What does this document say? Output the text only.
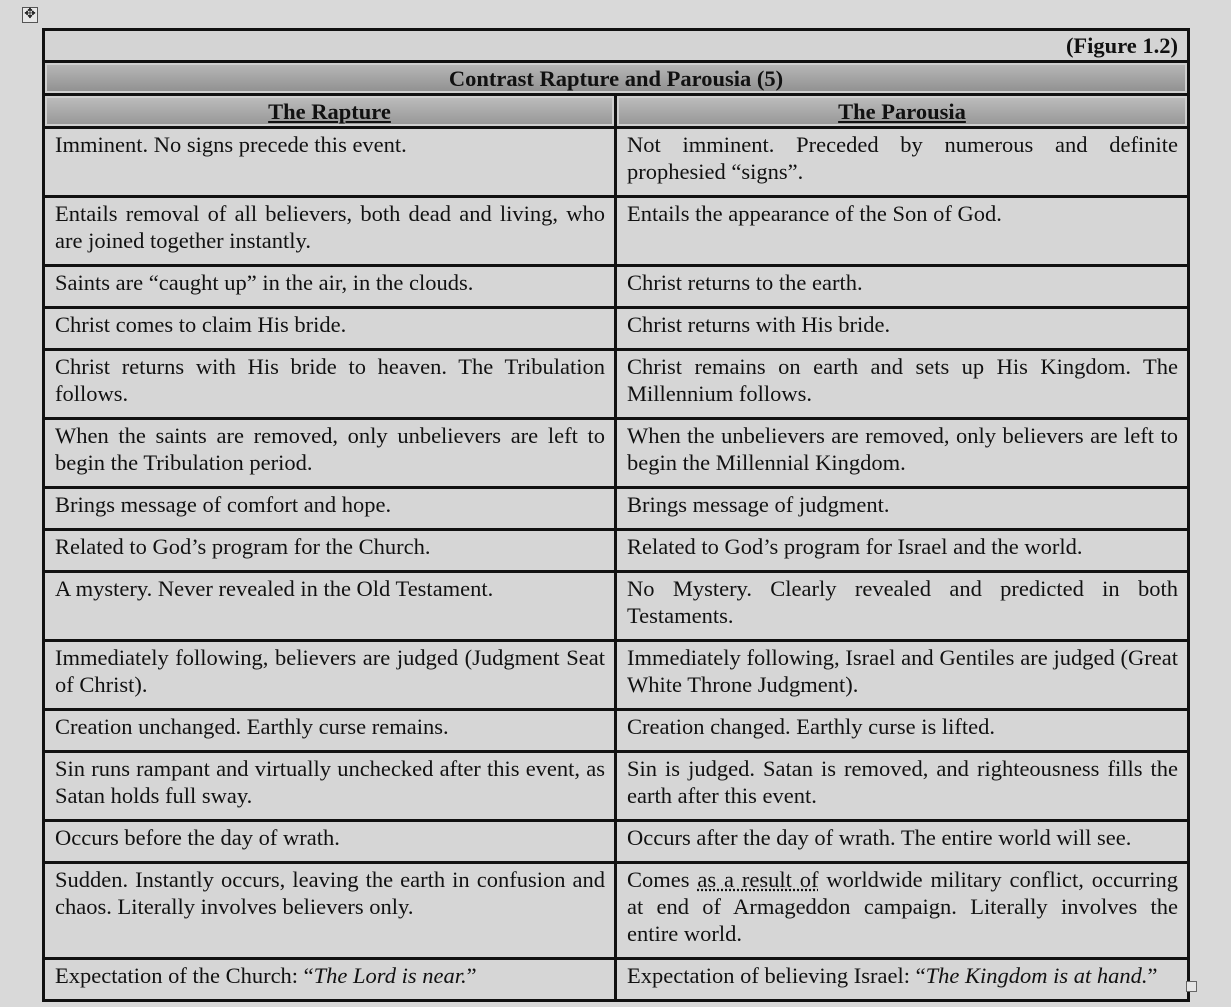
✥
(Figure 1.2)	
Contrast Rapture and Parousia (5)	
The Rapture	The Parousia
Imminent. No signs precede this event.	Not imminent. Preceded by numerous and definite prophesied “signs”.
Entails removal of all believers, both dead and living, who are joined together instantly.	Entails the appearance of the Son of God.
Saints are “caught up” in the air, in the clouds.	Christ returns to the earth.
Christ comes to claim His bride.	Christ returns with His bride.
Christ returns with His bride to heaven. The Tribulation follows.	Christ remains on earth and sets up His Kingdom. The Millennium follows.
When the saints are removed, only unbelievers are left to begin the Tribulation period.	When the unbelievers are removed, only believers are left to begin the Millennial Kingdom.
Brings message of comfort and hope.	Brings message of judgment.
Related to God’s program for the Church.	Related to God’s program for Israel and the world.
A mystery. Never revealed in the Old Testament.	No Mystery. Clearly revealed and predicted in both Testaments.
Immediately following, believers are judged (Judgment Seat of Christ).	Immediately following, Israel and Gentiles are judged (Great White Throne Judgment).
Creation unchanged. Earthly curse remains.	Creation changed. Earthly curse is lifted.
Sin runs rampant and virtually unchecked after this event, as Satan holds full sway.	Sin is judged. Satan is removed, and righteousness fills the earth after this event.
Occurs before the day of wrath.	Occurs after the day of wrath. The entire world will see.
Sudden. Instantly occurs, leaving the earth in confusion and chaos. Literally involves believers only.	Comes as a result of worldwide military conflict, occurring at end of Armageddon campaign. Literally involves the entire world.
Expectation of the Church: “The Lord is near.”	Expectation of believing Israel: “The Kingdom is at hand.”
